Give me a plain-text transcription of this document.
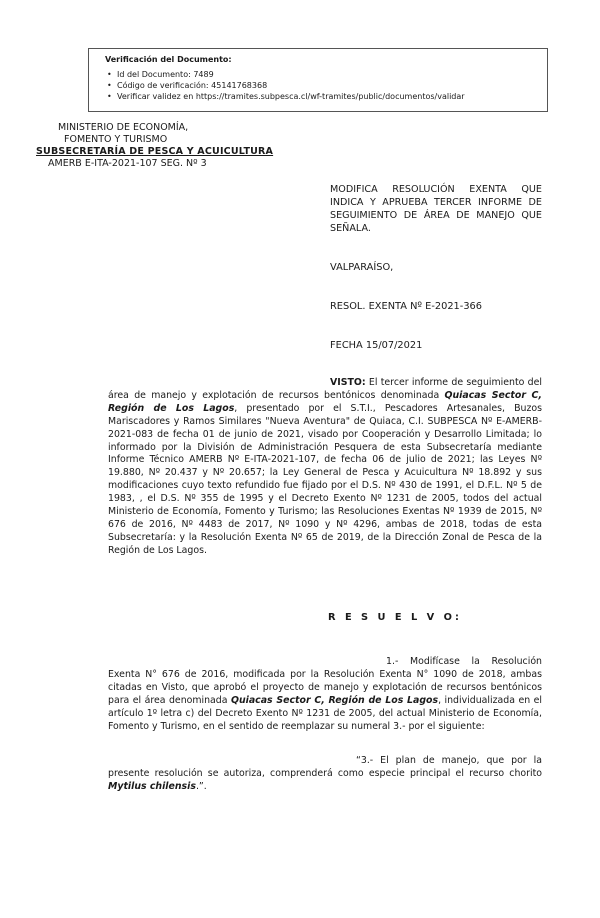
Verificación del Documento:
• Id del Documento: 7489
• Código de verificación: 45141768368
• Verificar validez en https://tramites.subpesca.cl/wf-tramites/public/documentos/validar
MINISTERIO DE ECONOMÍA,
FOMENTO Y TURISMO
SUBSECRETARÍA DE PESCA Y ACUICULTURA
AMERB E-ITA-2021-107 SEG. Nº 3
MODIFICA RESOLUCIÓN EXENTA QUE INDICA Y APRUEBA TERCER INFORME DE SEGUIMIENTO DE ÁREA DE MANEJO QUE SEÑALA.
VALPARAÍSO,
RESOL. EXENTA Nº E-2021-366
FECHA 15/07/2021
VISTO: El tercer informe de seguimiento del área de manejo y explotación de recursos bentónicos denominada Quiacas Sector C, Región de Los Lagos, presentado por el S.T.I., Pescadores Artesanales, Buzos Mariscadores y Ramos Similares "Nueva Aventura" de Quiaca, C.I. SUBPESCA Nº E-AMERB-2021-083 de fecha 01 de junio de 2021, visado por Cooperación y Desarrollo Limitada; lo informado por la División de Administración Pesquera de esta Subsecretaría mediante Informe Técnico AMERB Nº E-ITA-2021-107, de fecha 06 de julio de 2021; las Leyes Nº 19.880, Nº 20.437 y Nº 20.657; la Ley General de Pesca y Acuicultura Nº 18.892 y sus modificaciones cuyo texto refundido fue fijado por el D.S. Nº 430 de 1991, el D.F.L. Nº 5 de 1983, , el D.S. Nº 355 de 1995 y el Decreto Exento Nº 1231 de 2005, todos del actual Ministerio de Economía, Fomento y Turismo; las Resoluciones Exentas Nº 1939 de 2015, Nº 676 de 2016, Nº 4483 de 2017, Nº 1090 y Nº 4296, ambas de 2018, todas de esta Subsecretaría: y la Resolución Exenta Nº 65 de 2019, de la Dirección Zonal de Pesca de la Región de Los Lagos.
R E S U E L V O:
1.- Modifícase la Resolución Exenta N° 676 de 2016, modificada por la Resolución Exenta N° 1090 de 2018, ambas citadas en Visto, que aprobó el proyecto de manejo y explotación de recursos bentónicos para el área denominada Quiacas Sector C, Región de Los Lagos, individualizada en el artículo 1º letra c) del Decreto Exento Nº 1231 de 2005, del actual Ministerio de Economía, Fomento y Turismo, en el sentido de reemplazar su numeral 3.- por el siguiente:
“3.- El plan de manejo, que por la presente resolución se autoriza, comprenderá como especie principal el recurso chorito Mytilus chilensis.”.
